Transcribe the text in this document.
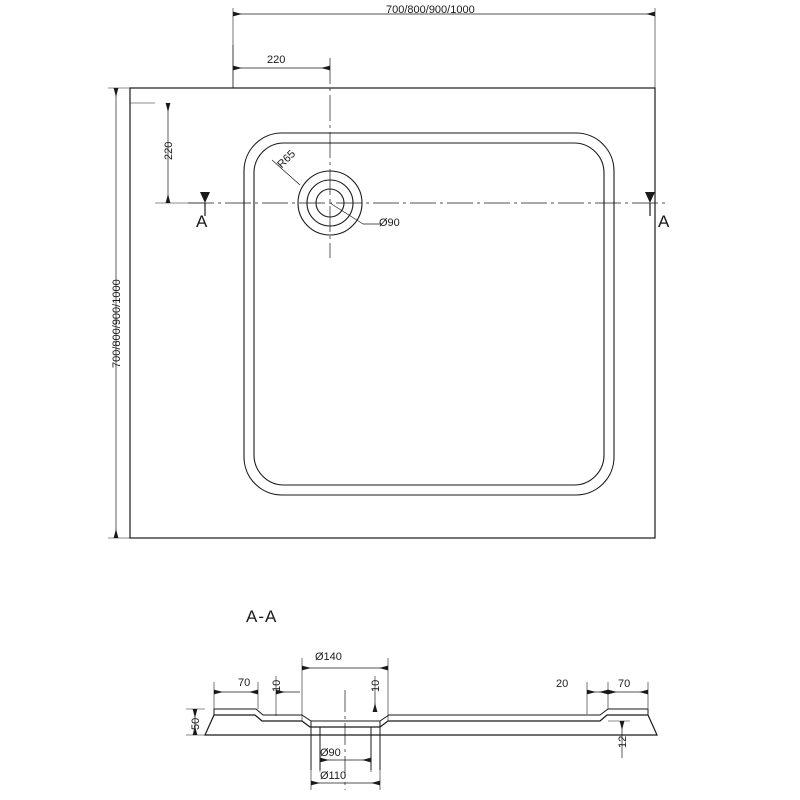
700/800/900/1000
220
220
700/800/900/1000
R65
Ø90
A	A
A-A
70 10
Ø140
10
50
20	70
12
Ø90
Ø110
